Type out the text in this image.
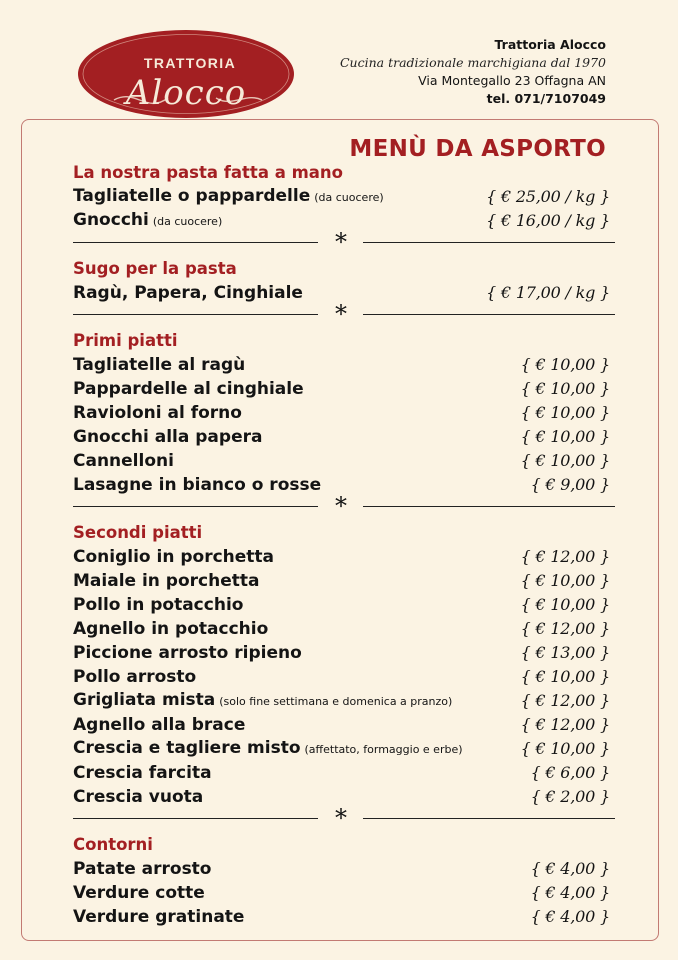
TRATTORIA
Alocco
Trattoria Alocco
Cucina tradizionale marchigiana dal 1970
Via Montegallo 23 Offagna AN
tel. 071/7107049
MENÙ DA ASPORTO
La nostra pasta fatta a mano
Tagliatelle o pappardelle (da cuocere)	{ € 25,00 / kg }
Gnocchi (da cuocere)	{ € 16,00 / kg }
*
Sugo per la pasta
Ragù, Papera, Cinghiale	{ € 17,00 / kg }
*
Primi piatti
Tagliatelle al ragù	{ € 10,00 }
Pappardelle al cinghiale	{ € 10,00 }
Ravioloni al forno	{ € 10,00 }
Gnocchi alla papera	{ € 10,00 }
Cannelloni	{ € 10,00 }
Lasagne in bianco o rosse	{ € 9,00 }
*
Secondi piatti
Coniglio in porchetta	{ € 12,00 }
Maiale in porchetta	{ € 10,00 }
Pollo in potacchio	{ € 10,00 }
Agnello in potacchio	{ € 12,00 }
Piccione arrosto ripieno	{ € 13,00 }
Pollo arrosto	{ € 10,00 }
Grigliata mista (solo fine settimana e domenica a pranzo)	{ € 12,00 }
Agnello alla brace	{ € 12,00 }
Crescia e tagliere misto (affettato, formaggio e erbe)	{ € 10,00 }
Crescia farcita	{ € 6,00 }
Crescia vuota	{ € 2,00 }
*
Contorni
Patate arrosto	{ € 4,00 }
Verdure cotte	{ € 4,00 }
Verdure gratinate	{ € 4,00 }
